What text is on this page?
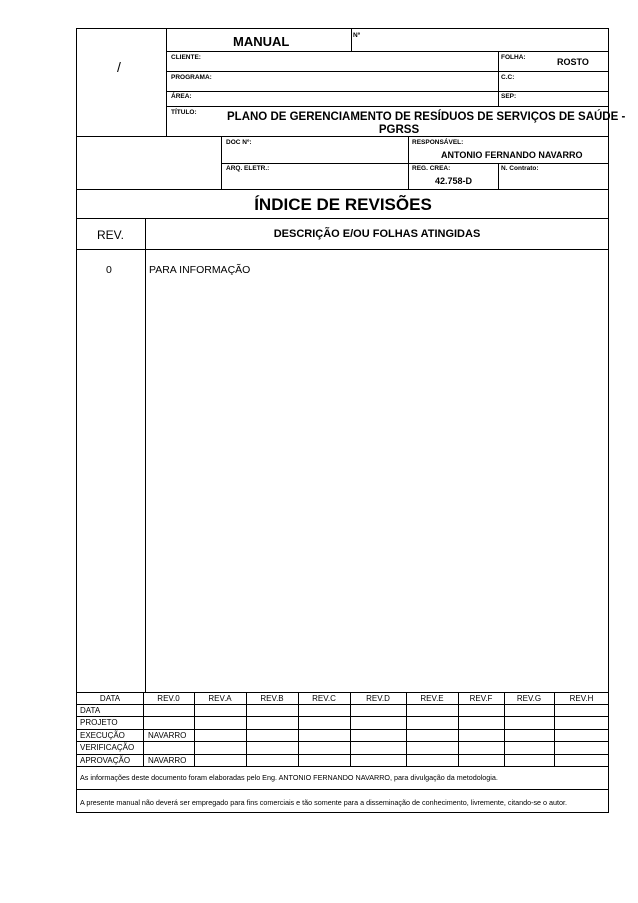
/
MANUAL	Nº
CLIENTE:	FOLHA:	ROSTO
PROGRAMA:	C.C:
ÁREA:	SEP:
TÍTULO:	PLANO DE GERENCIAMENTO DE RESÍDUOS DE SERVIÇOS DE SAÚDE -
PGRSS
DOC Nº:	RESPONSÁVEL:
ANTONIO FERNANDO NAVARRO
ARQ. ELETR.:	REG. CREA:
42.758-D
N. Contrato:
ÍNDICE DE REVISÕES
REV.	DESCRIÇÃO E/OU FOLHAS ATINGIDAS
0	PARA INFORMAÇÃO
DATA	REV.0	REV.A	REV.B	REV.C	REV.D	REV.E	REV.F	REV.G	REV.H
DATA
PROJETO
EXECUÇÃO	NAVARRO
VERIFICAÇÃO
APROVAÇÃO NAVARRO
As informações deste documento foram elaboradas pelo Eng. ANTONIO FERNANDO NAVARRO, para divulgação da metodologia.
A presente manual não deverá ser empregado para fins comerciais e tão somente para a disseminação de conhecimento, livremente, citando-se o autor.
